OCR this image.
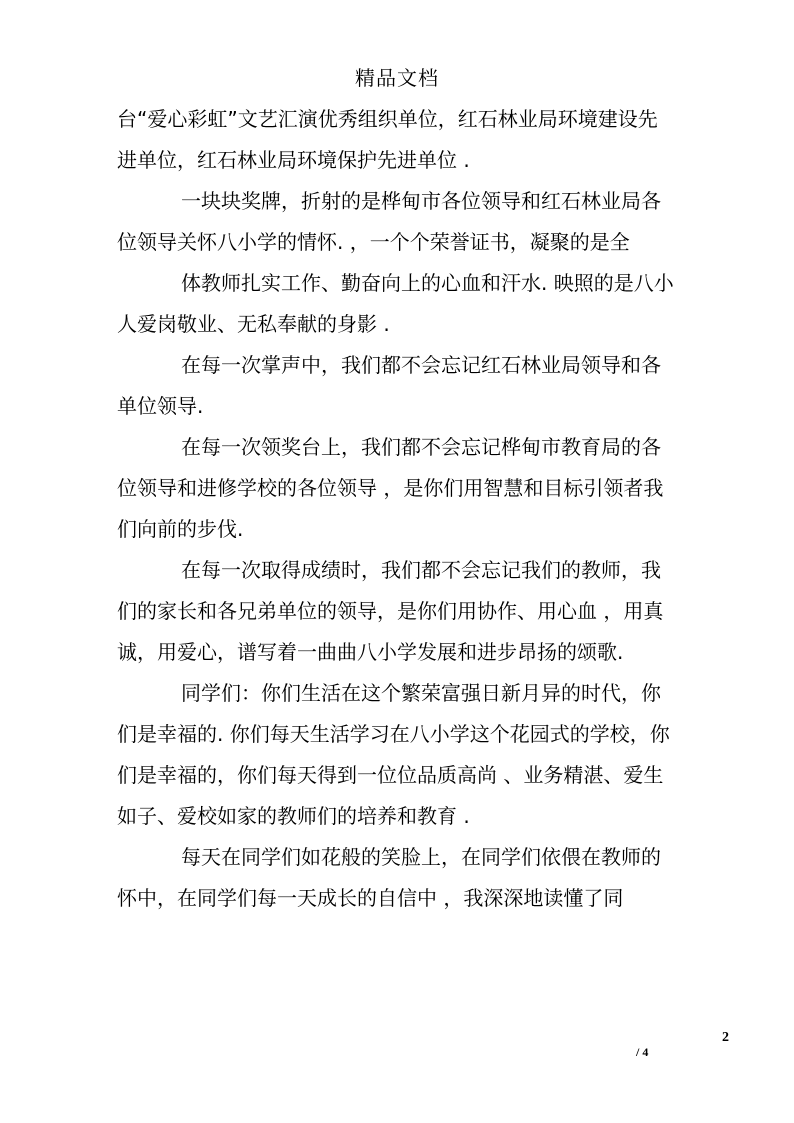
精品文档

台“爱心彩虹”文艺汇演优秀组织单位，红石林业局环境建设先进单位，红石林业局环境保护先进单位 .

一块块奖牌，折射的是桦甸市各位领导和红石林业局各位领导关怀八小学的情怀. ，一个个荣誉证书，凝聚的是全

体教师扎实工作、勤奋向上的心血和汗水. 映照的是八小人爱岗敬业、无私奉献的身影 .

在每一次掌声中，我们都不会忘记红石林业局领导和各单位领导.

在每一次领奖台上，我们都不会忘记桦甸市教育局的各位领导和进修学校的各位领导 ，是你们用智慧和目标引领者我们向前的步伐.

在每一次取得成绩时，我们都不会忘记我们的教师，我们的家长和各兄弟单位的领导，是你们用协作、用心血 ，用真诚，用爱心，谱写着一曲曲八小学发展和进步昂扬的颂歌.

同学们：你们生活在这个繁荣富强日新月异的时代，你们是幸福的. 你们每天生活学习在八小学这个花园式的学校，你们是幸福的，你们每天得到一位位品质高尚 、业务精湛、爱生如子、爱校如家的教师们的培养和教育 .

每天在同学们如花般的笑脸上，在同学们依偎在教师的怀中，在同学们每一天成长的自信中 ，我深深地读懂了同

2
/ 4
